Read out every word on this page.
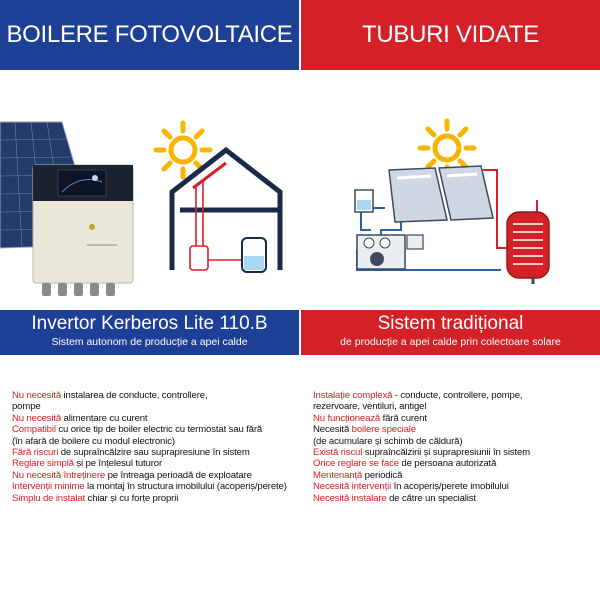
BOILERE FOTOVOLTAICE	TUBURI VIDATE
Invertor Kerberos Lite 110.B
Sistem autonom de producție a apei calde
Sistem tradițional
de producție a apei calde prin colectoare solare
Nu necesită instalarea de conducte, controllere,
pompe
Nu necesită alimentare cu curent
Compatibil cu orice tip de boiler electric cu termostat sau fără
(în afară de boilere cu modul electronic)
Fără riscuri de supraîncălzire sau suprapresiune în sistem
Reglare simplă și pe înțelesul tuturor
Nu necesită întreținere pe întreaga perioadă de exploatare
Intervenții minime la montaj în structura imobilului (acoperiș/perete)
Simplu de instalat chiar și cu forțe proprii
Instalație complexă - conducte, controllere, pompe,
rezervoare, ventiluri, antigel
Nu funcționează fără curent
Necesită boilere speciale
(de acumulare și schimb de căldură)
Există riscul supraîncălzirii și suprapresiunii în sistem
Orice reglare se face de persoana autorizată
Mentenanță periodică
Necesită intervenții în acoperiș/perete imobilului
Necesită instalare de către un specialist
